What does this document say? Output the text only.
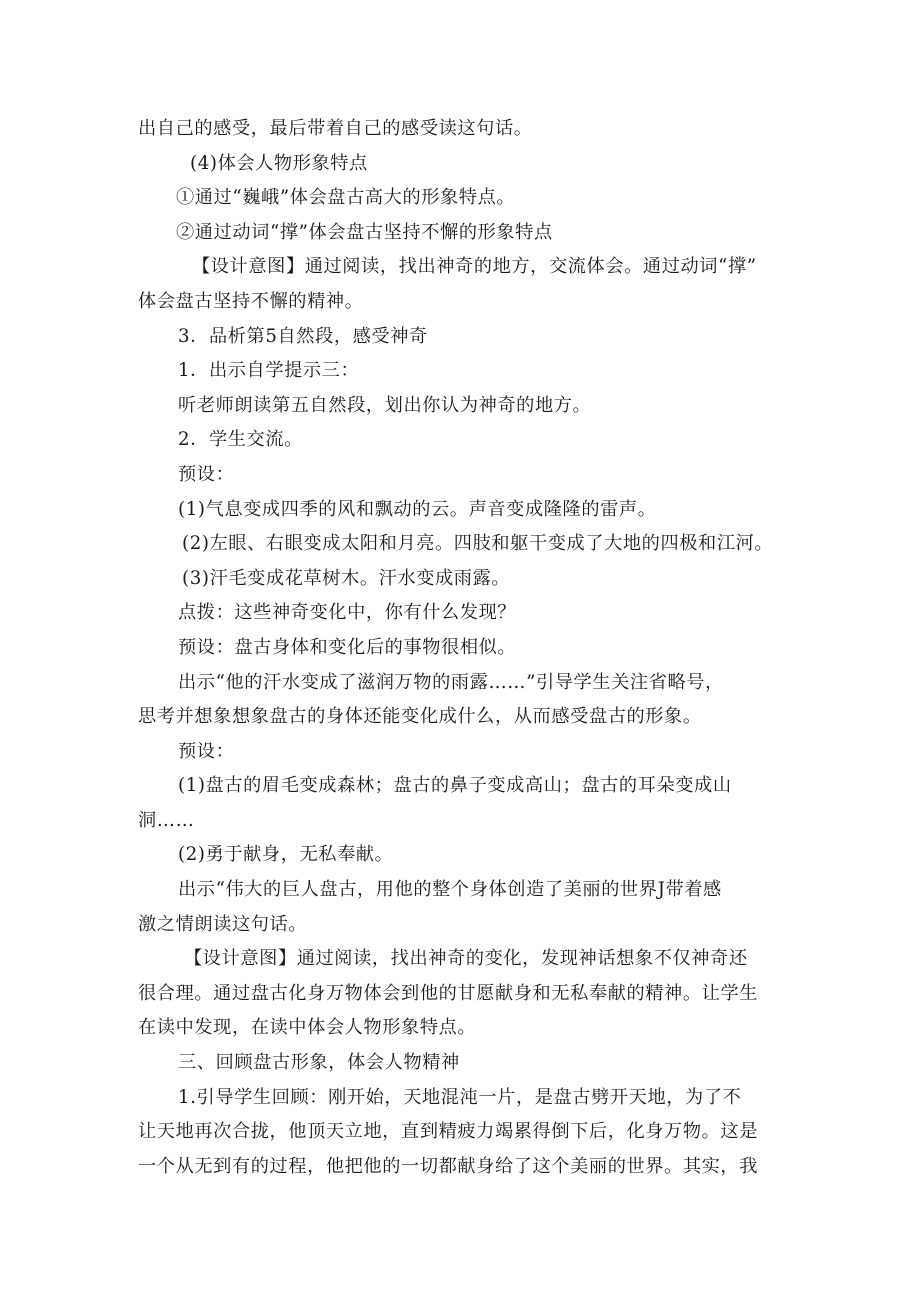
出自己的感受，最后带着自己的感受读这句话。
(4)体会人物形象特点
①通过“巍峨”体会盘古高大的形象特点。
②通过动词“撑”体会盘古坚持不懈的形象特点
【设计意图】通过阅读，找出神奇的地方，交流体会。通过动词“撑”
体会盘古坚持不懈的精神。
3．品析第5自然段，感受神奇
1．出示自学提示三：
听老师朗读第五自然段，划出你认为神奇的地方。
2．学生交流。
预设：
(1)气息变成四季的风和飘动的云。声音变成隆隆的雷声。
(2)左眼、右眼变成太阳和月亮。四肢和躯干变成了大地的四极和江河。
(3)汗毛变成花草树木。汗水变成雨露。
点拨：这些神奇变化中，你有什么发现？
预设：盘古身体和变化后的事物很相似。
出示“他的汗水变成了滋润万物的雨露……”引导学生关注省略号，
思考并想象想象盘古的身体还能变化成什么，从而感受盘古的形象。
预设：
(1)盘古的眉毛变成森林；盘古的鼻子变成高山；盘古的耳朵变成山
洞……
(2)勇于献身，无私奉献。
出示“伟大的巨人盘古，用他的整个身体创造了美丽的世界J带着感
激之情朗读这句话。
【设计意图】通过阅读，找出神奇的变化，发现神话想象不仅神奇还
很合理。通过盘古化身万物体会到他的甘愿献身和无私奉献的精神。让学生
在读中发现，在读中体会人物形象特点。
三、回顾盘古形象，体会人物精神
1.引导学生回顾：刚开始，天地混沌一片，是盘古劈开天地，为了不
让天地再次合拢，他顶天立地，直到精疲力竭累得倒下后，化身万物。这是
一个从无到有的过程，他把他的一切都献身给了这个美丽的世界。其实，我
